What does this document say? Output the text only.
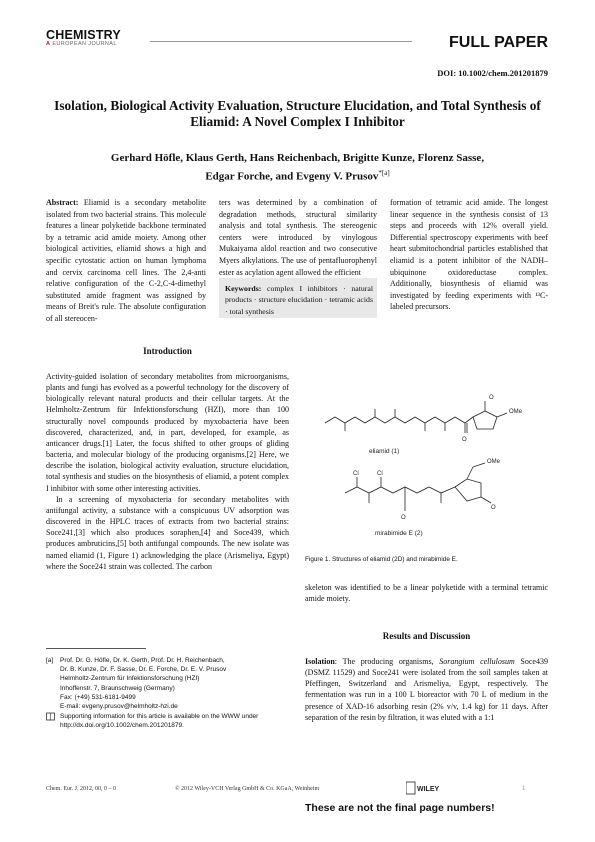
CHEMISTRY
A EUROPEAN JOURNAL	FULL PAPER
DOI: 10.1002/chem.201201879
Isolation, Biological Activity Evaluation, Structure Elucidation, and Total Synthesis of Eliamid: A Novel Complex I Inhibitor
Gerhard Höfle, Klaus Gerth, Hans Reichenbach, Brigitte Kunze, Florenz Sasse,
Edgar Forche, and Evgeny V. Prusov$^{*[a]}$
Abstract: Eliamid is a secondary metabolite isolated from two bacterial strains. This molecule features a linear polyketide backbone terminated by a tetramic acid amide moiety. Among other biological activities, eliamid shows a high and specific cytostatic action on human lymphoma and cervix carcinoma cell lines. The 2,4-anti relative configuration of the C-2,C-4-dimethyl substituted amide fragment was assigned by means of Breit's rule. The absolute configuration of all stereocen-
ters was determined by a combination of degradation methods, structural similarity analysis and total synthesis. The stereogenic centers were introduced by vinylogous Mukaiyama aldol reaction and two consecutive Myers alkylations. The use of pentafluorophenyl ester as acylation agent allowed the efficient
formation of tetramic acid amide. The longest linear sequence in the synthesis consist of 13 steps and proceeds with 12% overall yield. Differential spectroscopy experiments with beef heart submitochondrial particles established that eliamid is a potent inhibitor of the NADH–ubiquinone oxidoreductase complex. Additionally, biosynthesis of eliamid was investigated by feeding experiments with ¹³C-labeled precursors.
Keywords: complex I inhibitors · natural products · structure elucidation · tetramic acids · total synthesis
Introduction
Activity-guided isolation of secondary metabolites from microorganisms, plants and fungi has evolved as a powerful technology for the discovery of biologically relevant natural products and their cellular targets. At the Helmholtz-Zentrum für Infektionsforschung (HZI), more than 100 structurally novel compounds produced by myxobacteria have been discovered, characterized, and, in part, developed, for example, as anticancer drugs.[1] Later, the focus shifted to other groups of gliding bacteria, and molecular biology of the producing organisms.[2] Here, we describe the isolation, biological activity evaluation, structure elucidation, total synthesis and studies on the biosynthesis of eliamid, a potent complex I inhibitor with some other interesting activities.
In a screening of myxobacteria for secondary metabolites with antifungal activity, a substance with a conspicuous UV adsorption was discovered in the HPLC traces of extracts from two bacterial strains: Soce241,[3] which also produces soraphen,[4] and Soce439, which produces ambruticins,[5] both antifungal compounds. The new isolate was named eliamid (1, Figure 1) acknowledging the place (Arismeliya, Egypt) where the Soce241 strain was collected. The carbon
[a] Prof. Dr. G. Höfle, Dr. K. Gerth, Prof. Dr. H. Reichenbach,
Dr. B. Kunze, Dr. F. Sasse, Dr. E. Forche, Dr. E. V. Prusov
Helmholtz-Zentrum für Infektionsforschung (HZI)
Inhoffenstr. 7, Braunschweig (Germany)
Fax: (+49) 531-6181-9499
E-mail: evgeny.prusov@helmholtz-hzi.de
Supporting information for this article is available on the WWW under http://dx.doi.org/10.1002/chem.201201879.
O
O
OMe
Cl	Cl
O
OMe
O
eliamid (1)
mirabimide E (2)
Figure 1. Structures of eliamid (2D) and mirabimide E.
skeleton was identified to be a linear polyketide with a terminal tetramic amide moiety.
Results and Discussion
Isolation: The producing organisms, Sorangium cellulosum Soce439 (DSMZ 11529) and Soce241 were isolated from the soil samples taken at Pfeffingen, Switzerland and Arismeliya, Egypt, respectively. The fermentation was run in a 100 L bioreactor with 70 L of medium in the presence of XAD-16 adsorbing resin (2% v/v, 1.4 kg) for 11 days. After separation of the resin by filtration, it was eluted with a 1:1
Chem. Eur. J. 2012, 00, 0 – 0	© 2012 Wiley-VCH Verlag GmbH & Co. KGaA, Weinheim	WILEY
These are not the final page numbers!
1
